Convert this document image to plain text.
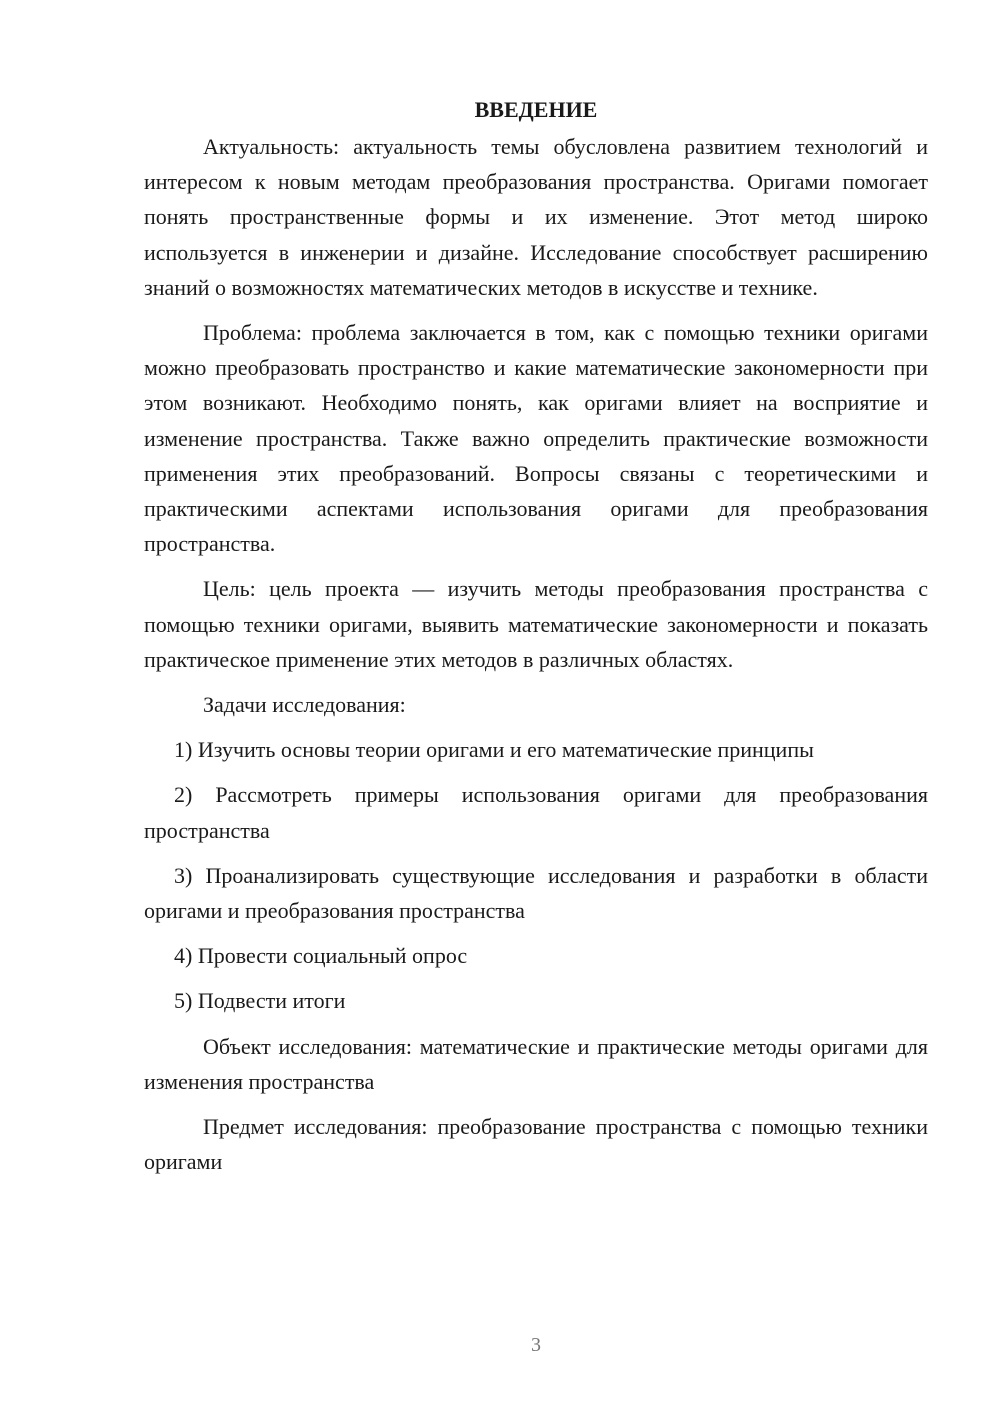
ВВЕДЕНИЕ

Актуальность: актуальность темы обусловлена развитием технологий и интересом к новым методам преобразования пространства. Оригами помогает понять пространственные формы и их изменение. Этот метод широко используется в инженерии и дизайне. Исследование способствует расширению знаний о возможностях математических методов в искусстве и технике.

Проблема: проблема заключается в том, как с помощью техники оригами можно преобразовать пространство и какие математические закономерности при этом возникают. Необходимо понять, как оригами влияет на восприятие и изменение пространства. Также важно определить практические возможности применения этих преобразований. Вопросы связаны с теоретическими и практическими аспектами использования оригами для преобразования пространства.

Цель: цель проекта — изучить методы преобразования пространства с помощью техники оригами, выявить математические закономерности и показать практическое применение этих методов в различных областях.

Задачи исследования:

1) Изучить основы теории оригами и его математические принципы

2) Рассмотреть примеры использования оригами для преобразования пространства

3) Проанализировать существующие исследования и разработки в области оригами и преобразования пространства

4) Провести социальный опрос

5) Подвести итоги

Объект исследования: математические и практические методы оригами для изменения пространства

Предмет исследования: преобразование пространства с помощью техники оригами

3
